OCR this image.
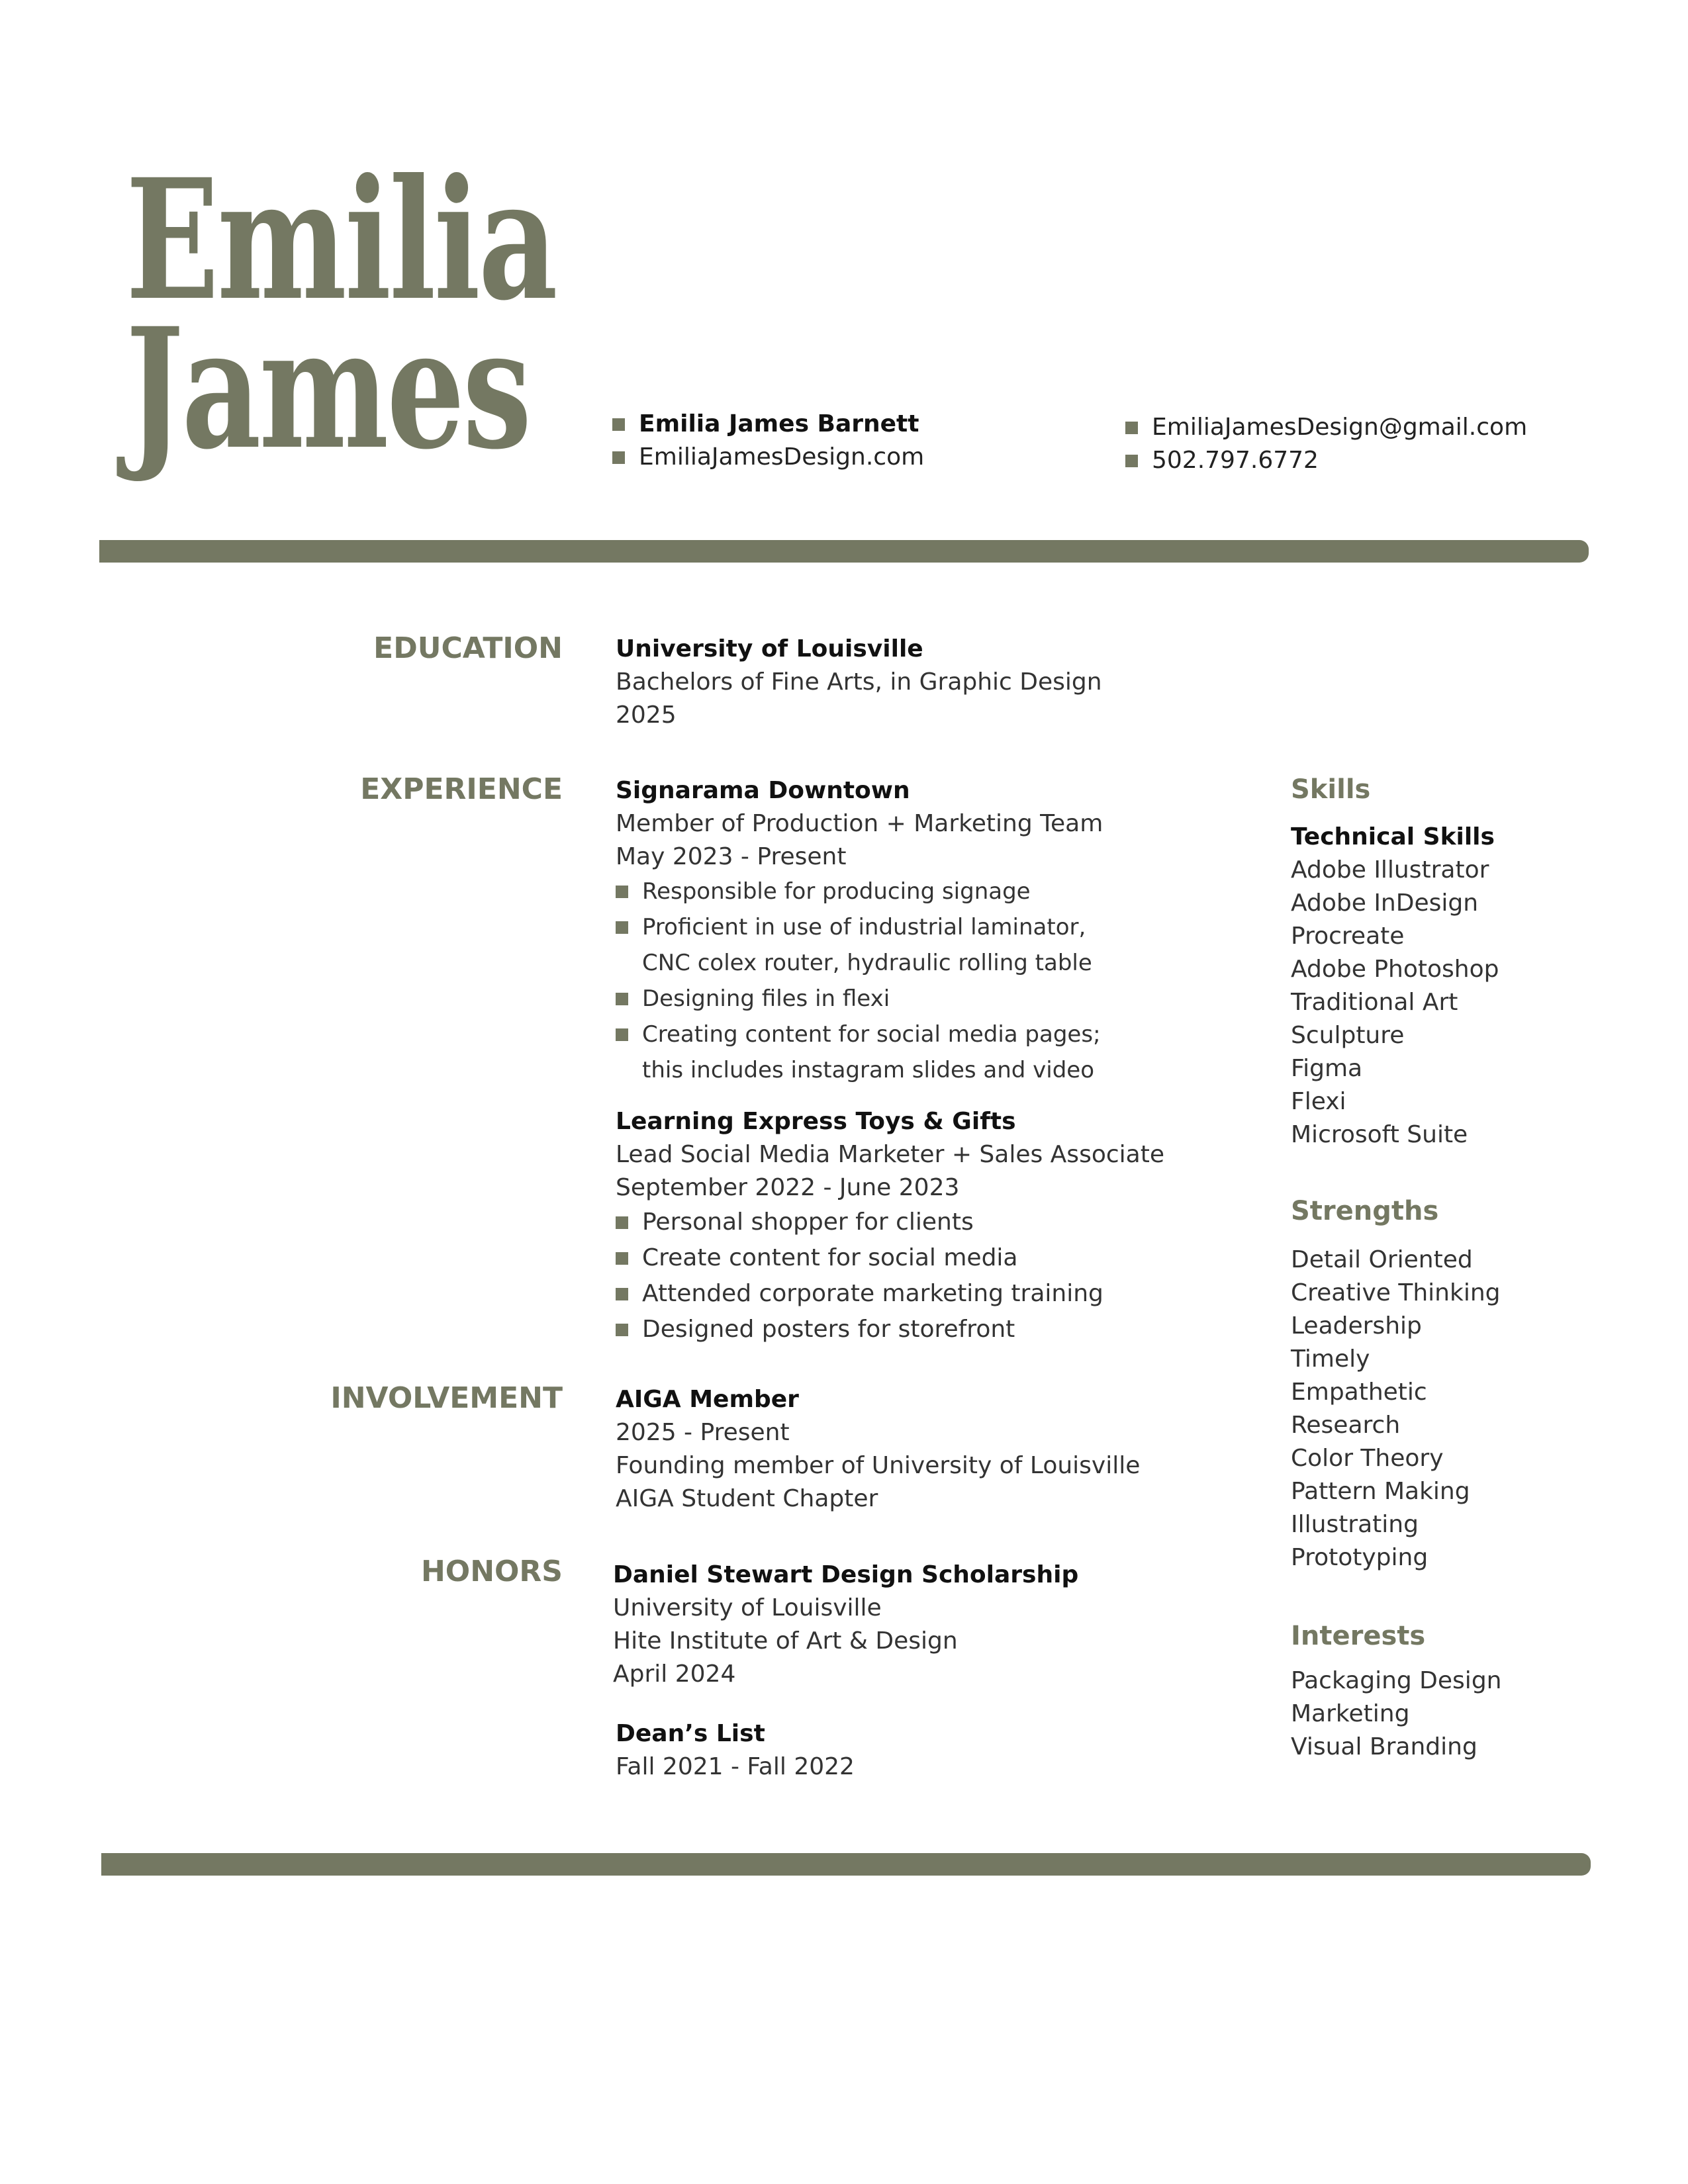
Emilia
James	Emilia James Barnett
EmiliaJamesDesign.com
EmiliaJamesDesign@gmail.com
502.797.6772
EDUCATION
EXPERIENCE
INVOLVEMENT
HONORS
University of Louisville
Bachelors of Fine Arts, in Graphic Design
2025
Signarama Downtown
Member of Production + Marketing Team
May 2023 - Present
Responsible for producing signage
Proficient in use of industrial laminator,
CNC colex router, hydraulic rolling table
Designing files in flexi
Creating content for social media pages;
this includes instagram slides and video
Learning Express Toys & Gifts
Lead Social Media Marketer + Sales Associate
September 2022 - June 2023
Personal shopper for clients
Create content for social media
Attended corporate marketing training
Designed posters for storefront
AIGA Member
2025 - Present
Founding member of University of Louisville
AIGA Student Chapter
Daniel Stewart Design Scholarship
University of Louisville
Hite Institute of Art & Design
April 2024
Dean’s List
Fall 2021 - Fall 2022
Skills
Technical Skills
Adobe Illustrator
Adobe InDesign
Procreate
Adobe Photoshop
Traditional Art
Sculpture
Figma
Flexi
Microsoft Suite
Strengths
Detail Oriented
Creative Thinking
Leadership
Timely
Empathetic
Research
Color Theory
Pattern Making
Illustrating
Prototyping
Interests
Packaging Design
Marketing
Visual Branding
